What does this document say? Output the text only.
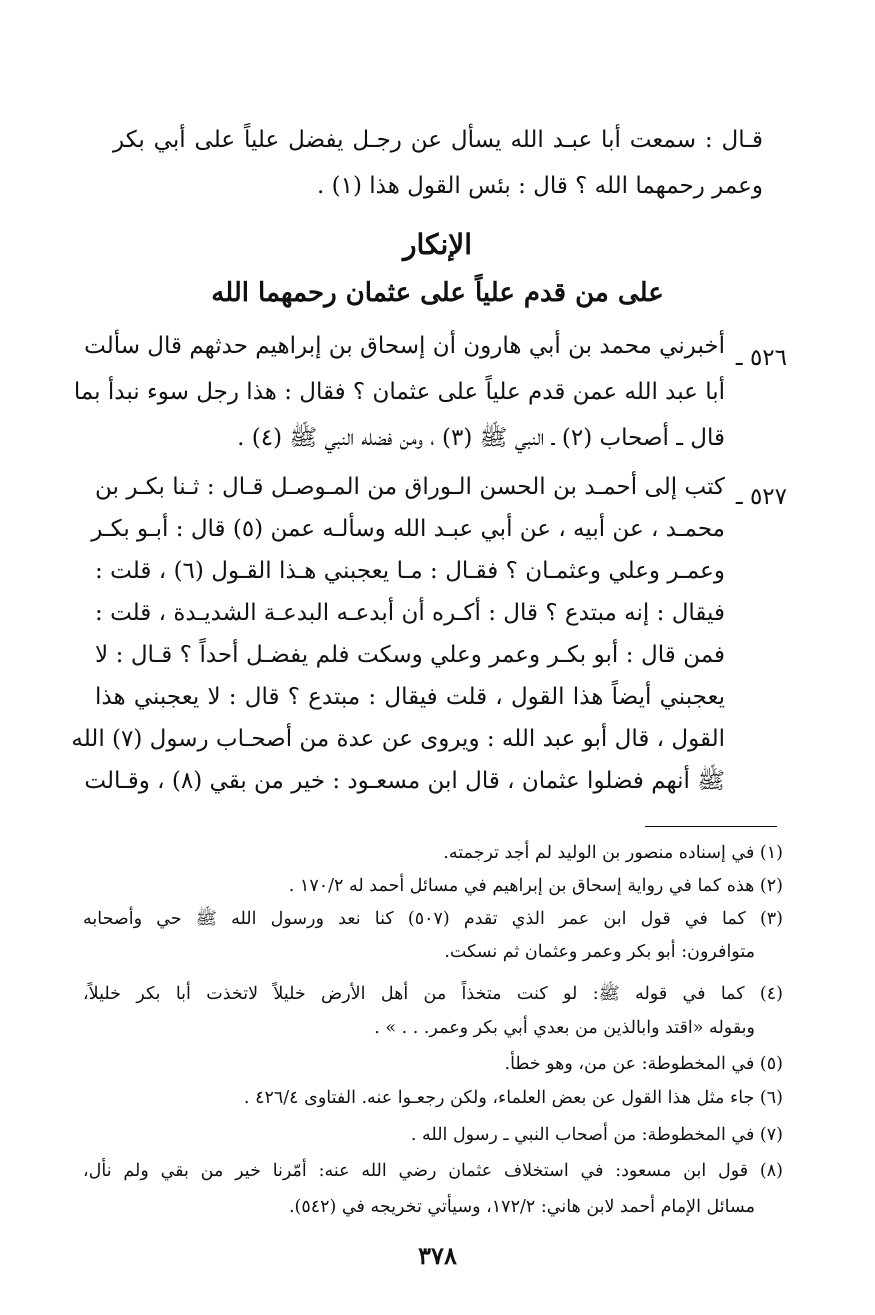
قـال : سمعت أبا عبـد الله يسأل عن رجـل يفضل علياً على أبي بكر
وعمر رحمهما الله ؟ قال : بئس القول هذا (١) .
الإنكار
على من قدم علياً على عثمان رحمهما الله
٥٢٦ ـ
أخبرني محمد بن أبي هارون أن إسحاق بن إبراهيم حدثهم قال سألت
أبا عبد الله عمن قدم علياً على عثمان ؟ فقال : هذا رجل سوء نبدأ بما
قال ـ أصحاب (٢) ـ النبي ﷺ (٣) ، ومن فضله النبي ﷺ (٤) .
٥٢٧ ـ
كتب إلى أحمـد بن الحسن الـوراق من المـوصـل قـال : ثـنا بكـر بن
محمـد ، عن أبيه ، عن أبي عبـد الله وسألـه عمن (٥) قال : أبـو بكـر
وعمـر وعلي وعثمـان ؟ فقـال : مـا يعجبني هـذا القـول (٦) ، قلت :
فيقال : إنه مبتدع ؟ قال : أكـره أن أبدعـه البدعـة الشديـدة ، قلت :
فمن قال : أبو بكـر وعمر وعلي وسكت فلم يفضـل أحداً ؟ قـال : لا
يعجبني أيضاً هذا القول ، قلت فيقال : مبتدع ؟ قال : لا يعجبني هذا
القول ، قال أبو عبد الله : ويروى عن عدة من أصحـاب رسول (٧) الله
ﷺ أنهم فضلوا عثمان ، قال ابن مسعـود : خير من بقي (٨) ، وقـالت
(١) في إسناده منصور بن الوليد لم أجد ترجمته.
(٢) هذه كما في رواية إسحاق بن إبراهيم في مسائل أحمد له ١٧٠/٢ .
(٣) كما في قول ابن عمر الذي تقدم (٥٠٧) كنا نعد ورسول الله ﷺ حي وأصحابه
متوافرون: أبو بكر وعمر وعثمان ثم نسكت.
(٤) كما في قوله ﷺ: لو كنت متخذاً من أهل الأرض خليلاً لاتخذت أبا بكر خليلاً،
وبقوله «اقتد وابالذين من بعدي أبي بكر وعمر. . . » .
(٥) في المخطوطة: عن من، وهو خطأ.
(٦) جاء مثل هذا القول عن بعض العلماء، ولكن رجعـوا عنه. الفتاوى ٤٢٦/٤ .
(٧) في المخطوطة: من أصحاب النبي ـ رسول الله .
(٨) قول ابن مسعود: في استخلاف عثمان رضي الله عنه: أمّرنا خير من بقي ولم نأل،
مسائل الإمام أحمد لابن هاني: ١٧٢/٢، وسيأتي تخريجه في (٥٤٢).
٣٧٨
